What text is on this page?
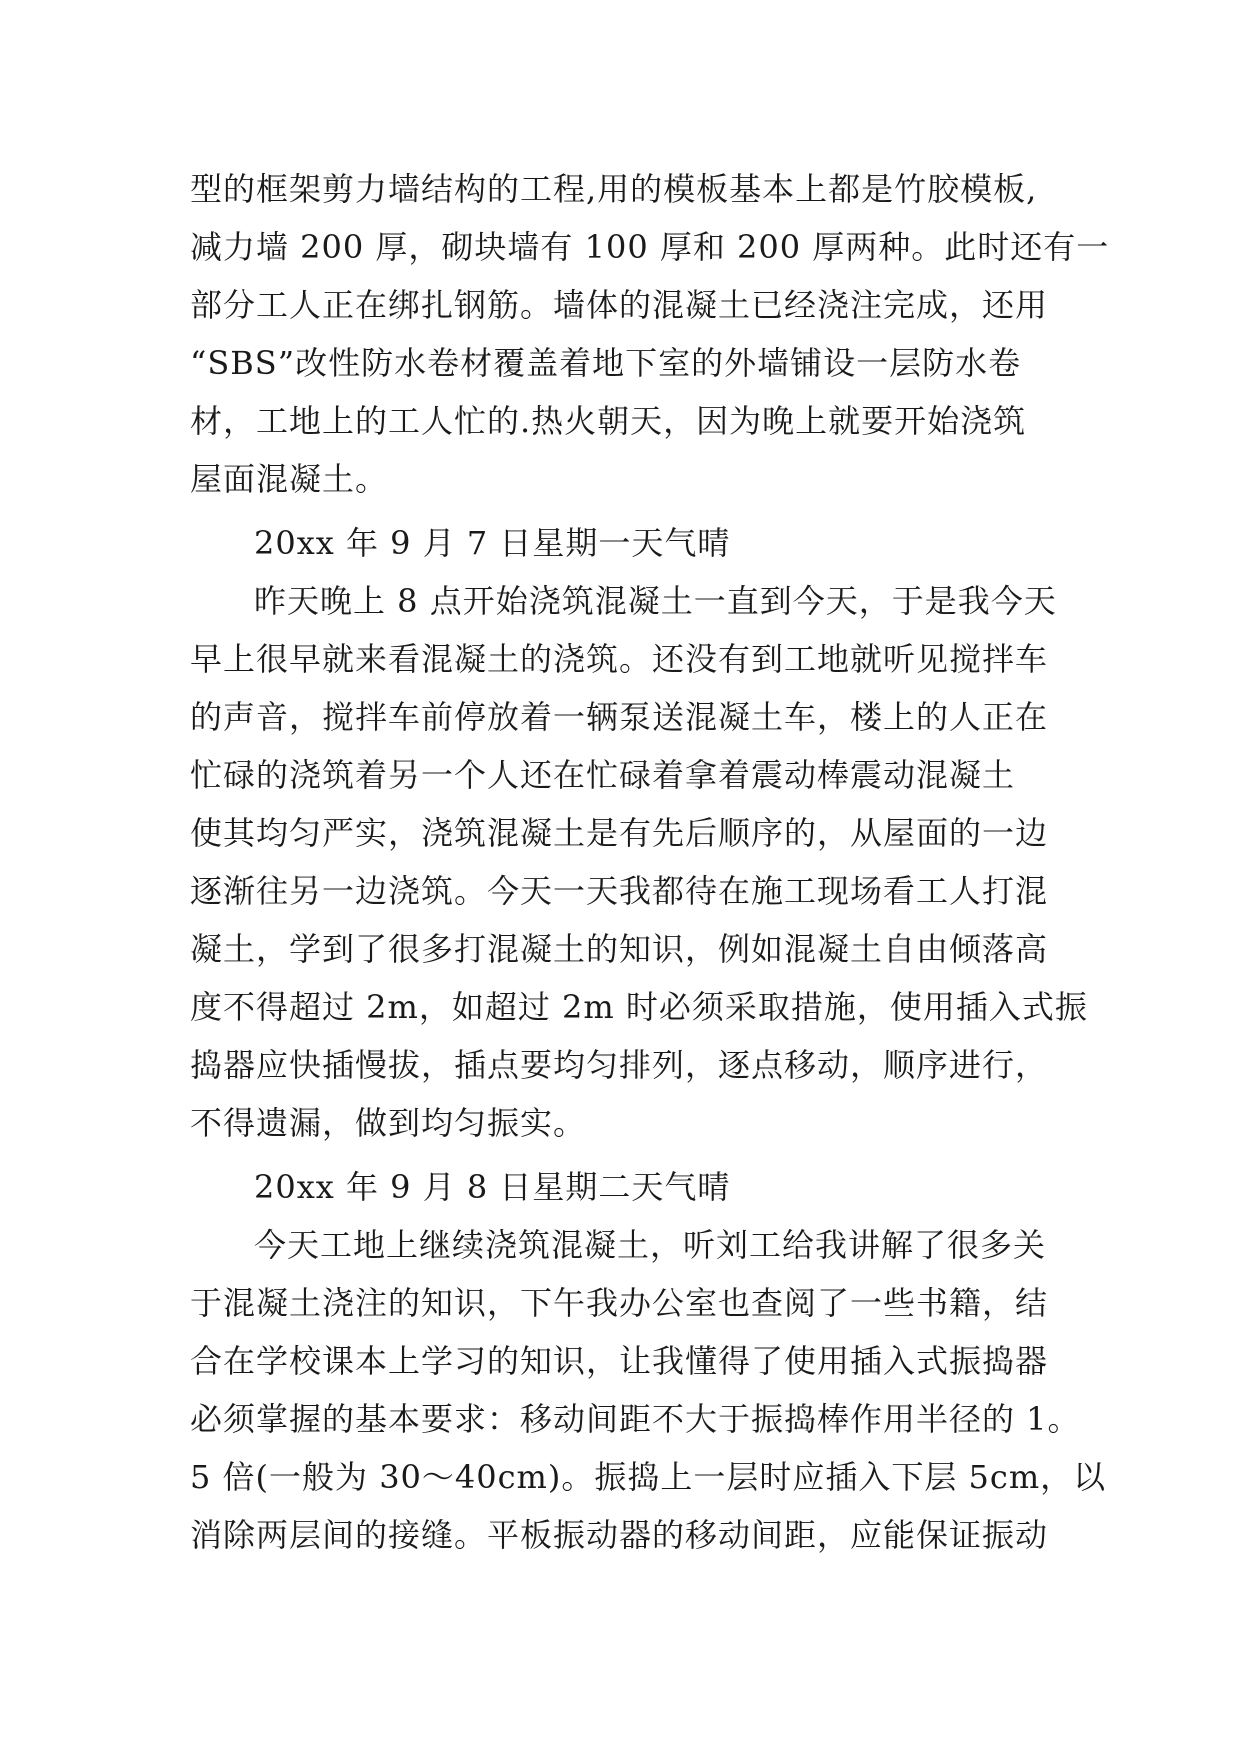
型的框架剪力墙结构的工程,用的模板基本上都是竹胶模板,
减力墙 200 厚，砌块墙有 100 厚和 200 厚两种。此时还有一
部分工人正在绑扎钢筋。墙体的混凝土已经浇注完成，还用
“SBS”改性防水卷材覆盖着地下室的外墙铺设一层防水卷
材，工地上的工人忙的.热火朝天，因为晚上就要开始浇筑
屋面混凝土。
20xx 年 9 月 7 日星期一天气晴
昨天晚上 8 点开始浇筑混凝土一直到今天，于是我今天
早上很早就来看混凝土的浇筑。还没有到工地就听见搅拌车
的声音，搅拌车前停放着一辆泵送混凝土车，楼上的人正在
忙碌的浇筑着另一个人还在忙碌着拿着震动棒震动混凝土
使其均匀严实，浇筑混凝土是有先后顺序的，从屋面的一边
逐渐往另一边浇筑。今天一天我都待在施工现场看工人打混
凝土，学到了很多打混凝土的知识，例如混凝土自由倾落高
度不得超过 2m，如超过 2m 时必须采取措施，使用插入式振
捣器应快插慢拔，插点要均匀排列，逐点移动，顺序进行，
不得遗漏，做到均匀振实。
20xx 年 9 月 8 日星期二天气晴
今天工地上继续浇筑混凝土，听刘工给我讲解了很多关
于混凝土浇注的知识，下午我办公室也查阅了一些书籍，结
合在学校课本上学习的知识，让我懂得了使用插入式振捣器
必须掌握的基本要求：移动间距不大于振捣棒作用半径的 1。
5 倍(一般为 30～40cm)。振捣上一层时应插入下层 5cm，以
消除两层间的接缝。平板振动器的移动间距，应能保证振动
